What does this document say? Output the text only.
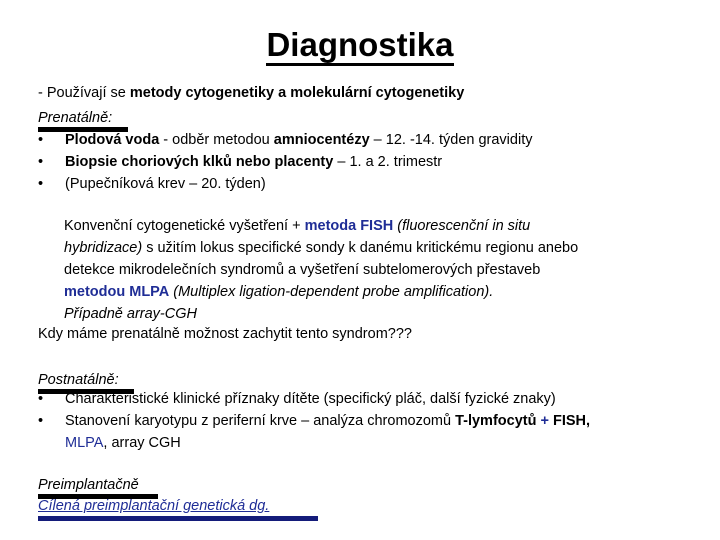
Diagnostika
- Používají se metody cytogenetiky a molekulární cytogenetiky
Prenatálně:
• Plodová voda - odběr metodou amniocentézy – 12. -14. týden gravidity
• Biopsie choriových klků nebo placenty – 1. a 2. trimestr
• (Pupečníková krev – 20. týden)
Konvenční cytogenetické vyšetření + metoda FISH (fluorescenční in situ
hybridizace) s užitím lokus specifické sondy k danému kritickému regionu anebo
detekce mikrodelečních syndromů a vyšetření subtelomerových přestaveb
metodou MLPA (Multiplex ligation-dependent probe amplification).
Případně array-CGH
Kdy máme prenatálně možnost zachytit tento syndrom???
Postnatálně:
• Charakteristické klinické příznaky dítěte (specifický pláč, další fyzické znaky)
• Stanovení karyotypu z periferní krve – analýza chromozomů T-lymfocytů + FISH,
MLPA, array CGH
Preimplantačně
Cílená preimplantační genetická dg.
